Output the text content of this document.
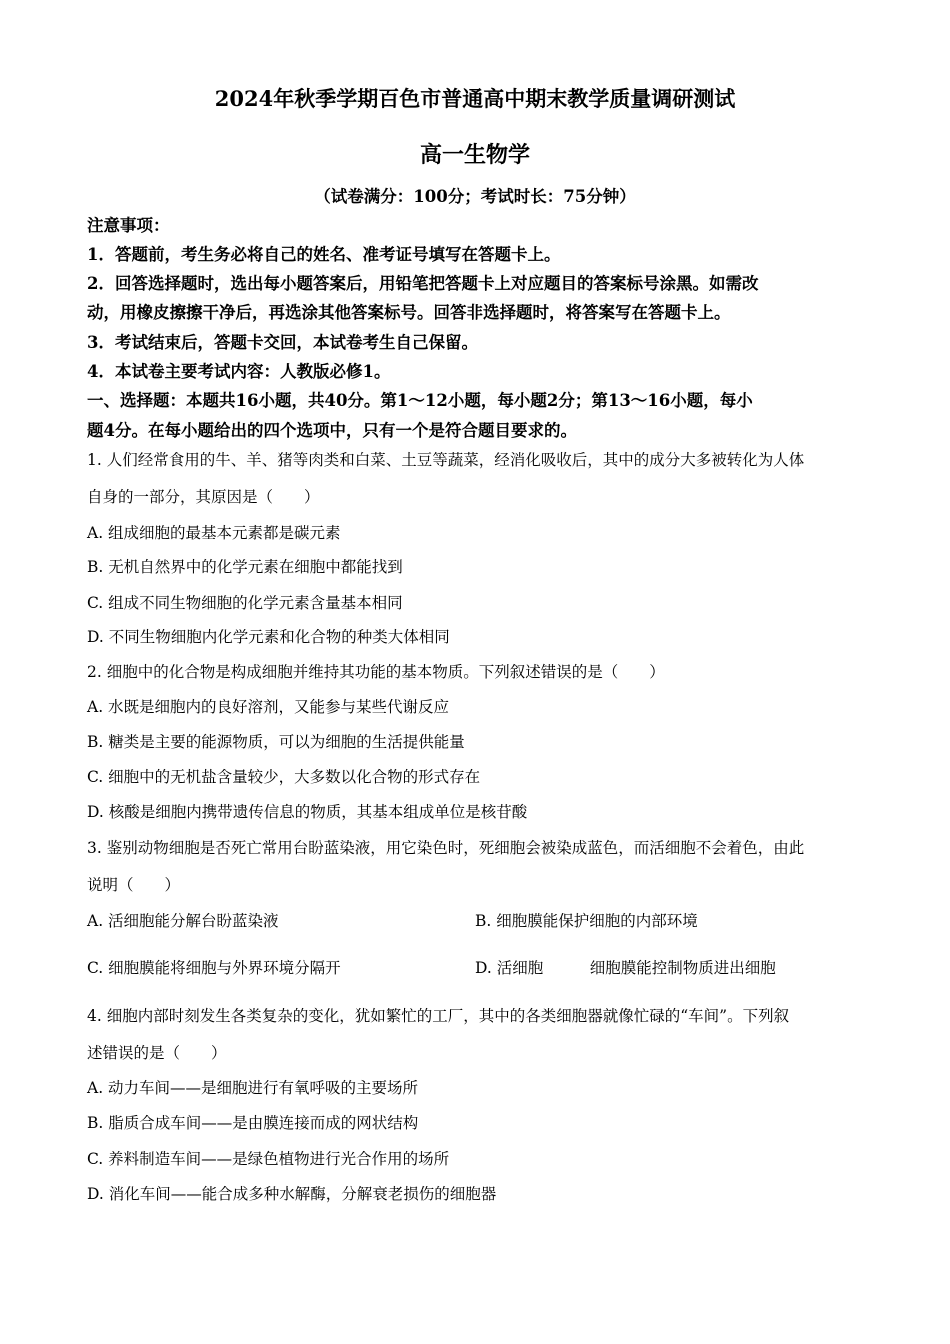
2024年秋季学期百色市普通高中期末教学质量调研测试
高一生物学
（试卷满分：100分；考试时长：75分钟）
注意事项：
1．答题前，考生务必将自己的姓名、准考证号填写在答题卡上。
2．回答选择题时，选出每小题答案后，用铅笔把答题卡上对应题目的答案标号涂黑。如需改
动，用橡皮擦擦干净后，再选涂其他答案标号。回答非选择题时，将答案写在答题卡上。
3．考试结束后，答题卡交回，本试卷考生自己保留。
4．本试卷主要考试内容：人教版必修1。
一、选择题：本题共16小题，共40分。第1～12小题，每小题2分；第13～16小题，每小
题4分。在每小题给出的四个选项中，只有一个是符合题目要求的。
1. 人们经常食用的牛、羊、猪等肉类和白菜、土豆等蔬菜，经消化吸收后，其中的成分大多被转化为人体
自身的一部分，其原因是（　　）
A. 组成细胞的最基本元素都是碳元素
B. 无机自然界中的化学元素在细胞中都能找到
C. 组成不同生物细胞的化学元素含量基本相同
D. 不同生物细胞内化学元素和化合物的种类大体相同
2. 细胞中的化合物是构成细胞并维持其功能的基本物质。下列叙述错误的是（　　）
A. 水既是细胞内的良好溶剂，又能参与某些代谢反应
B. 糖类是主要的能源物质，可以为细胞的生活提供能量
C. 细胞中的无机盐含量较少，大多数以化合物的形式存在
D. 核酸是细胞内携带遗传信息的物质，其基本组成单位是核苷酸
3. 鉴别动物细胞是否死亡常用台盼蓝染液，用它染色时，死细胞会被染成蓝色，而活细胞不会着色，由此
说明（　　）
A. 活细胞能分解台盼蓝染液	B. 细胞膜能保护细胞的内部环境
C. 细胞膜能将细胞与外界环境分隔开	D. 活细胞　　　细胞膜能控制物质进出细胞
4. 细胞内部时刻发生各类复杂的变化，犹如繁忙的工厂，其中的各类细胞器就像忙碌的“车间”。下列叙
述错误的是（　　）
A. 动力车间——是细胞进行有氧呼吸的主要场所
B. 脂质合成车间——是由膜连接而成的网状结构
C. 养料制造车间——是绿色植物进行光合作用的场所
D. 消化车间——能合成多种水解酶，分解衰老损伤的细胞器
